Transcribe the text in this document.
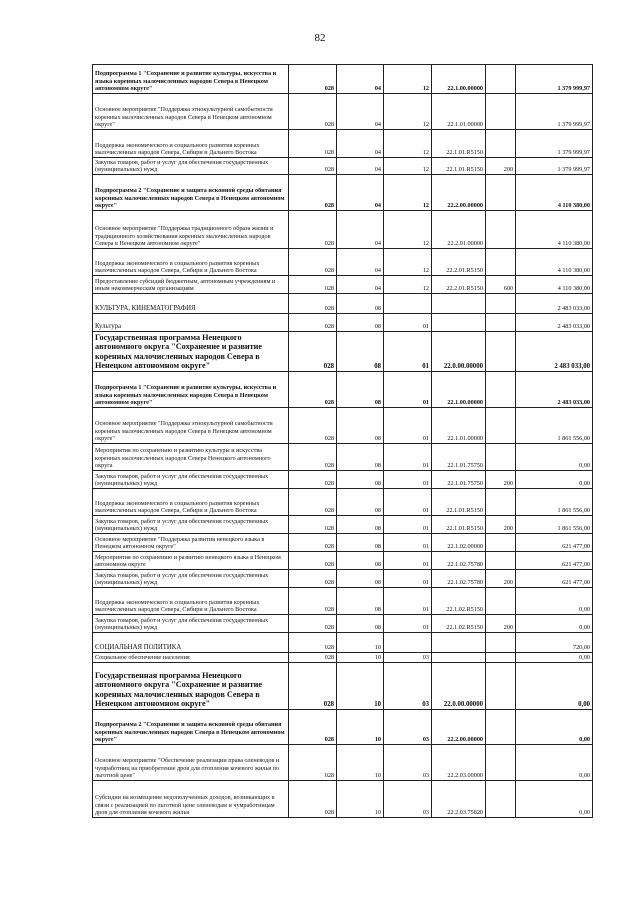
82
Подпрограмма 1 "Сохранение и развитие культуры, искусства и языка коренных малочисленных народов Севера в Ненецком автономном округе"	028	04	12	22.1.00.00000		1 379 999,97
Основное мероприятие "Поддержка этнокультурной самобытности коренных малочисленных народов Севера в Ненецком автономном округе"	028	04	12	22.1.01.00000		1 379 999,97
Поддержка экономического и социального развития коренных малочисленных народов Севера, Сибири и Дальнего Востока	028	04	12	22.1.01.R5150		1 379 999,97
Закупка товаров, работ и услуг для обеспечения государственных (муниципальных) нужд	028	04	12	22.1.01.R5150	200	1 379 999,97
Подпрограмма 2 "Сохранение и защита исконной среды обитания коренных малочисленных народов Севера в Ненецком автономном округе"	028	04	12	22.2.00.00000		4 110 380,00
Основное мероприятие "Поддержка традиционного образа жизни и традиционного хозяйствования коренных малочисленных народов Севера в Ненецком автономном округе"	028	04	12	22.2.01.00000		4 110 380,00
Поддержка экономического и социального развития коренных малочисленных народов Севера, Сибири и Дальнего Востока	028	04	12	22.2.01.R5150		4 110 380,00
Предоставление субсидий бюджетным, автономным учреждениям и иным некоммерческим организациям	028	04	12	22.2.01.R5150	600	4 110 380,00
КУЛЬТУРА, КИНЕМАТОГРАФИЯ	028	08				2 483 033,00
Культура	028	08	01			2 483 033,00
Государственная программа Ненецкого автономного округа "Сохранение и развитие коренных малочисленных народов Севера в Ненецком автономном округе"	028	08	01	22.0.00.00000		2 483 033,00
Подпрограмма 1 "Сохранение и развитие культуры, искусства и языка коренных малочисленных народов Севера в Ненецком автономном округе"	028	08	01	22.1.00.00000		2 483 033,00
Основное мероприятие "Поддержка этнокультурной самобытности коренных малочисленных народов Севера в Ненецком автономном округе"	028	08	01	22.1.01.00000		1 861 556,00
Мероприятия по сохранению и развитию культуры и искусства коренных малочисленных народов Севера Ненецкого автономного округа	028	08	01	22.1.01.75750		0,00
Закупка товаров, работ и услуг для обеспечения государственных (муниципальных) нужд	028	08	01	22.1.01.75750	200	0,00
Поддержка экономического и социального развития коренных малочисленных народов Севера, Сибири и Дальнего Востока	028	08	01	22.1.01.R5150		1 861 556,00
Закупка товаров, работ и услуг для обеспечения государственных (муниципальных) нужд	028	08	01	22.1.01.R5150	200	1 861 556,00
Основное мероприятие "Поддержка развития ненецкого языка в Ненецком автономном округе"	028	08	01	22.1.02.00000		621 477,00
Мероприятия по сохранению и развитию ненецкого языка в Ненецком автономном округе	028	08	01	22.1.02.75780		621 477,00
Закупка товаров, работ и услуг для обеспечения государственных (муниципальных) нужд	028	08	01	22.1.02.75780	200	621 477,00
Поддержка экономического и социального развития коренных малочисленных народов Севера, Сибири и Дальнего Востока	028	08	01	22.1.02.R5150		0,00
Закупка товаров, работ и услуг для обеспечения государственных (муниципальных) нужд	028	08	01	22.1.02.R5150	200	0,00
СОЦИАЛЬНАЯ ПОЛИТИКА	028	10				720,00
Социальное обеспечение населения	028	10	03			0,00
Государственная программа Ненецкого автономного округа "Сохранение и развитие коренных малочисленных народов Севера в Ненецком автономном округе"	028	10	03	22.0.00.00000		0,00
Подпрограмма 2 "Сохранение и защита исконной среды обитания коренных малочисленных народов Севера в Ненецком автономном округе"	028	10	03	22.2.00.00000		0,00
Основное мероприятие "Обеспечение реализации права оленеводов и чумработниц на приобретение дров для отопления кочевого жилья по льготной цене"	028	10	03	22.2.03.00000		0,00
Субсидии на возмещение недополученных доходов, возникающих в связи с реализацией по льготной цене оленеводам и чумработницам дров для отопления кочевого жилья	028	10	03	22.2.03.75820		0,00
